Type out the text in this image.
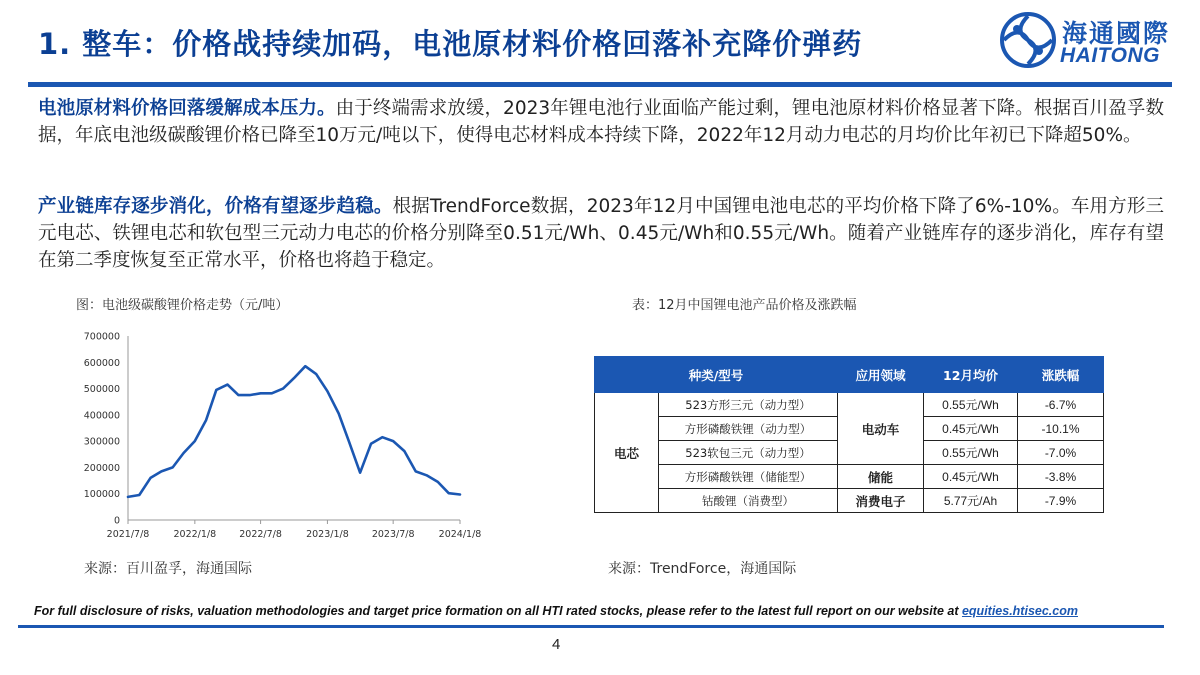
1. 整车：价格战持续加码，电池原材料价格回落补充降价弹药	海通國際
HAITONG
电池原材料价格回落缓解成本压力。由于终端需求放缓，2023年锂电池行业面临产能过剩，锂电池原材料价格显著下降。根据百川盈孚数据，年底电池级碳酸锂价格已降至10万元/吨以下，使得电芯材料成本持续下降，2022年12月动力电芯的月均价比年初已下降超50%。
产业链库存逐步消化，价格有望逐步趋稳。根据TrendForce数据，2023年12月中国锂电池电芯的平均价格下降了6%-10%。车用方形三元电芯、铁锂电芯和软包型三元动力电芯的价格分别降至0.51元/Wh、0.45元/Wh和0.55元/Wh。随着产业链库存的逐步消化，库存有望在第二季度恢复至正常水平，价格也将趋于稳定。
图：电池级碳酸锂价格走势（元/吨）	表：12月中国锂电池产品价格及涨跌幅
0
100000
200000
300000
400000
500000
600000
700000
2021/7/8	2022/1/8 2022/7/8	2023/1/8 2023/7/8	2024/1/8
种类/型号		应用领域	12月均价	涨跌幅
电芯	523方形三元（动力型）	电动车	0.55元/Wh	-6.7%
	方形磷酸铁锂（动力型）		0.45元/Wh	-10.1%
	523软包三元（动力型）		0.55元/Wh	-7.0%
	方形磷酸铁锂（储能型）	储能	0.45元/Wh	-3.8%
	钴酸锂（消费型）	消费电子	5.77元/Ah	-7.9%
来源：百川盈孚，海通国际	来源：TrendForce，海通国际
For full disclosure of risks, valuation methodologies and target price formation on all HTI rated stocks, please refer to the latest full report on our website at equities.htisec.com
4
